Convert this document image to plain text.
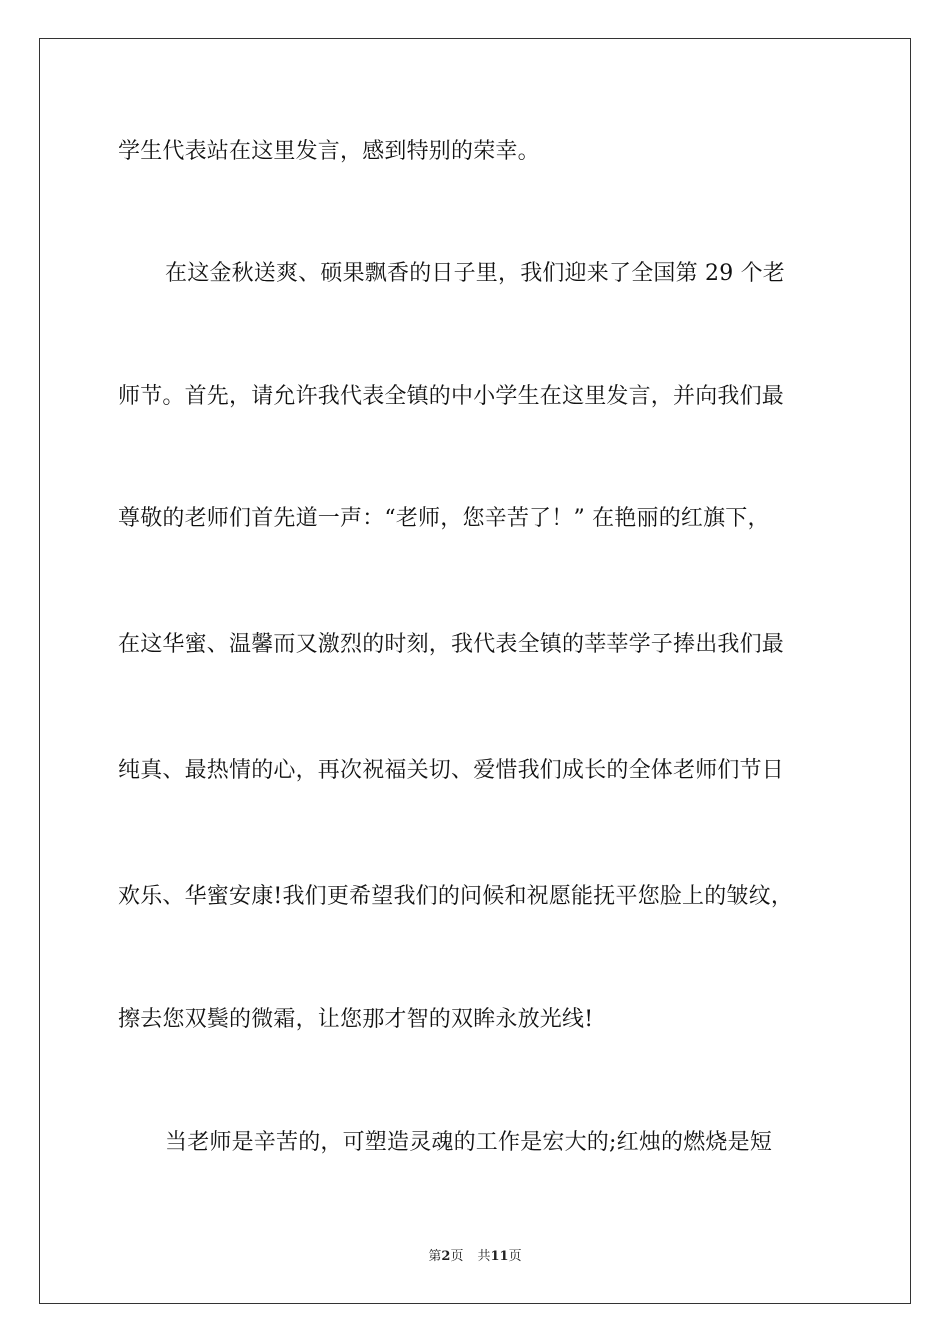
学生代表站在这里发言，感到特别的荣幸。
在这金秋送爽、硕果飘香的日子里，我们迎来了全国第 29 个老
师节。首先，请允许我代表全镇的中小学生在这里发言，并向我们最
尊敬的老师们首先道一声：“老师，您辛苦了！” 在艳丽的红旗下，
在这华蜜、温馨而又激烈的时刻，我代表全镇的莘莘学子捧出我们最
纯真、最热情的心，再次祝福关切、爱惜我们成长的全体老师们节日
欢乐、华蜜安康!我们更希望我们的问候和祝愿能抚平您脸上的皱纹，
擦去您双鬓的微霜，让您那才智的双眸永放光线!
当老师是辛苦的，可塑造灵魂的工作是宏大的;红烛的燃烧是短
第2页 共11页
